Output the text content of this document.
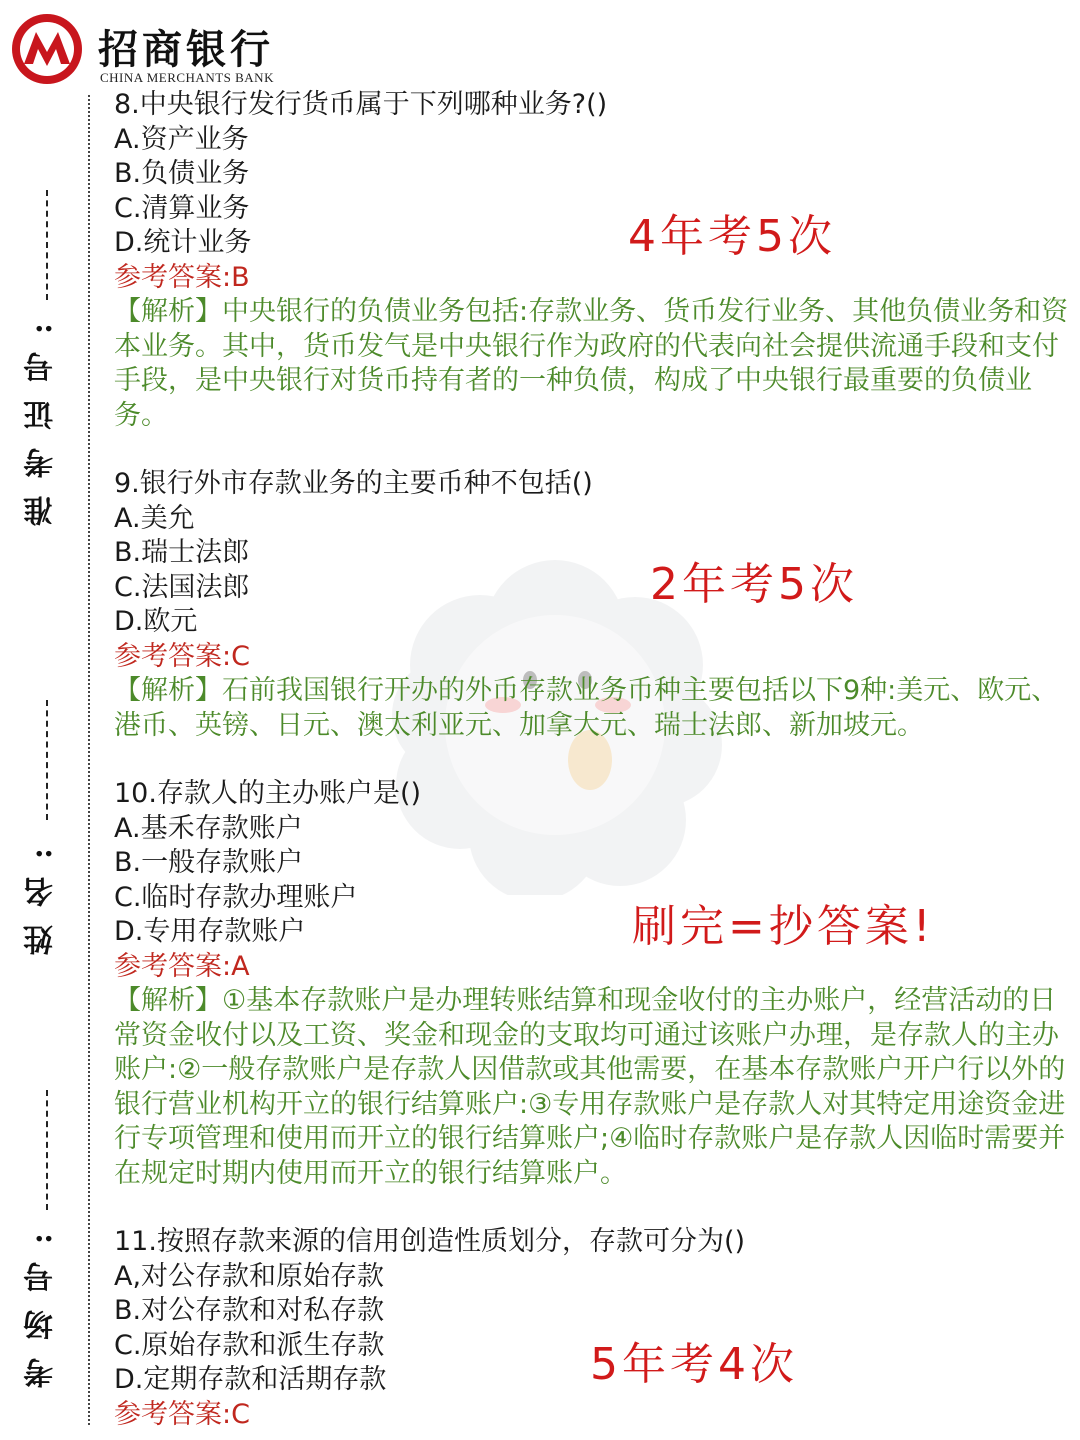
招商银行
CHINA MERCHANTS BANK
准考证号:
姓名:
考场号:
8.中央银行发行货币属于下列哪种业务?()
A.资产业务
B.负债业务
C.清算业务
D.统计业务
参考答案:B
【解析】中央银行的负债业务包括:存款业务、货币发行业务、其他负债业务和资本业务。其中，货币发气是中央银行作为政府的代表向社会提供流通手段和支付手段，是中央银行对货币持有者的一种负债，构成了中央银行最重要的负债业务。
9.银行外市存款业务的主要币种不包括()
A.美允
B.瑞士法郎
C.法国法郎
D.欧元
参考答案:C
【解析】石前我国银行开办的外币存款业务币种主要包括以下9种:美元、欧元、港币、英镑、日元、澳太利亚元、加拿大元、瑞士法郎、新加坡元。
10.存款人的主办账户是()
A.基禾存款账户
B.一般存款账户
C.临时存款办理账户
D.专用存款账户
参考答案:A
【解析】①基本存款账户是办理转账结算和现金收付的主办账户，经营活动的日常资金收付以及工资、奖金和现金的支取均可通过该账户办理，是存款人的主办账户:②一般存款账户是存款人因借款或其他需要，在基本存款账户开户行以外的银行营业机构开立的银行结算账户:③专用存款账户是存款人对其特定用途资金进行专项管理和使用而开立的银行结算账户;④临时存款账户是存款人因临时需要并在规定时期内使用而开立的银行结算账户。
11.按照存款来源的信用创造性质划分，存款可分为()
A,对公存款和原始存款
B.对公存款和对私存款
C.原始存款和派生存款
D.定期存款和活期存款
参考答案:C
4年考5次
2年考5次
刷完=抄答案!
5年考4次
